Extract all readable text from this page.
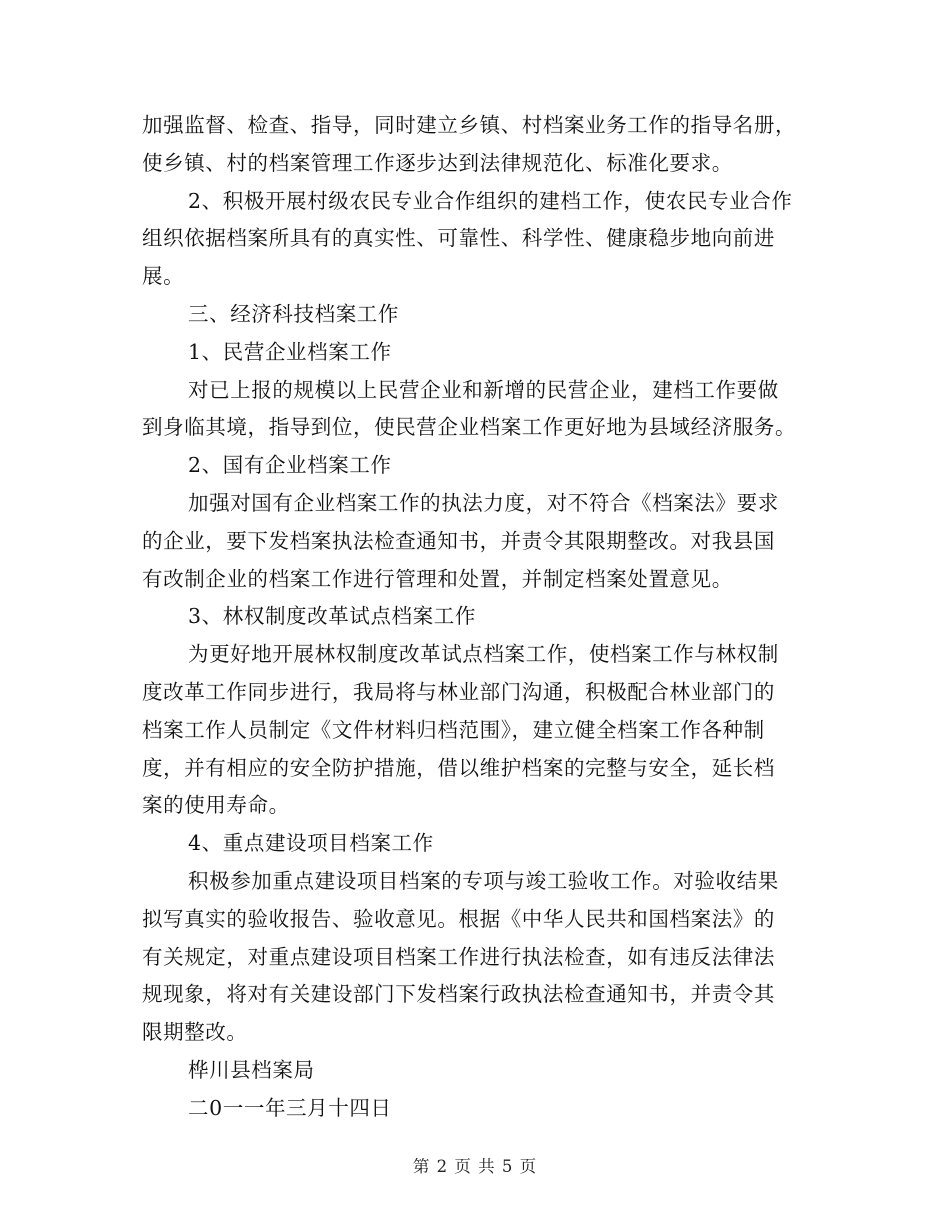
加强监督、检查、指导，同时建立乡镇、村档案业务工作的指导名册，
使乡镇、村的档案管理工作逐步达到法律规范化、标准化要求。

2、积极开展村级农民专业合作组织的建档工作，使农民专业合作
组织依据档案所具有的真实性、可靠性、科学性、健康稳步地向前进
展。

三、经济科技档案工作

1、民营企业档案工作

对已上报的规模以上民营企业和新增的民营企业，建档工作要做
到身临其境，指导到位，使民营企业档案工作更好地为县域经济服务。

2、国有企业档案工作

加强对国有企业档案工作的执法力度，对不符合《档案法》要求
的企业，要下发档案执法检查通知书，并责令其限期整改。对我县国
有改制企业的档案工作进行管理和处置，并制定档案处置意见。

3、林权制度改革试点档案工作

为更好地开展林权制度改革试点档案工作，使档案工作与林权制
度改革工作同步进行，我局将与林业部门沟通，积极配合林业部门的
档案工作人员制定《文件材料归档范围》，建立健全档案工作各种制
度，并有相应的安全防护措施，借以维护档案的完整与安全，延长档
案的使用寿命。

4、重点建设项目档案工作

积极参加重点建设项目档案的专项与竣工验收工作。对验收结果
拟写真实的验收报告、验收意见。根据《中华人民共和国档案法》的
有关规定，对重点建设项目档案工作进行执法检查，如有违反法律法
规现象，将对有关建设部门下发档案行政执法检查通知书，并责令其
限期整改。

桦川县档案局

二0一一年三月十四日

第 2 页 共 5 页
